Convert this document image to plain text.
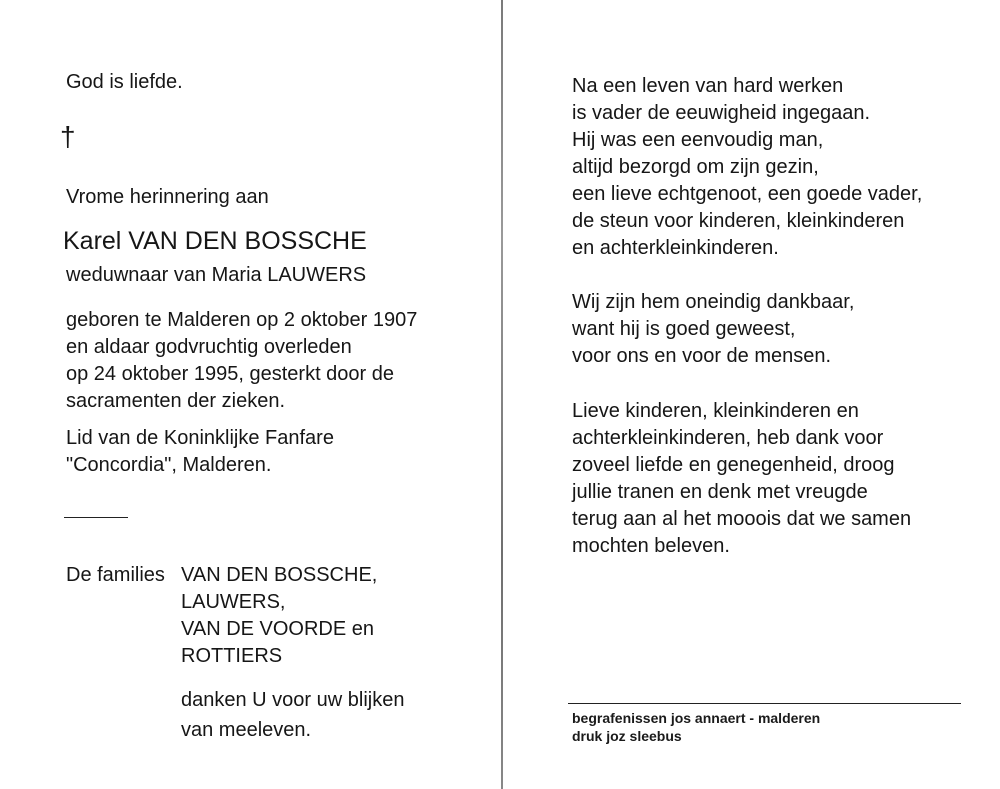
God is liefde.
†
Vrome herinnering aan
Karel VAN DEN BOSSCHE
weduwnaar van Maria LAUWERS
geboren te Malderen op 2 oktober 1907
en aldaar godvruchtig overleden
op 24 oktober 1995, gesterkt door de
sacramenten der zieken.
Lid van de Koninklijke Fanfare
"Concordia", Malderen.
De families VAN DEN BOSSCHE,
LAUWERS,
VAN DE VOORDE en
ROTTIERS
danken U voor uw blijken
van meeleven.
Na een leven van hard werken
is vader de eeuwigheid ingegaan.
Hij was een eenvoudig man,
altijd bezorgd om zijn gezin,
een lieve echtgenoot, een goede vader,
de steun voor kinderen, kleinkinderen
en achterkleinkinderen.
Wij zijn hem oneindig dankbaar,
want hij is goed geweest,
voor ons en voor de mensen.
Lieve kinderen, kleinkinderen en
achterkleinkinderen, heb dank voor
zoveel liefde en genegenheid, droog
jullie tranen en denk met vreugde
terug aan al het mooois dat we samen
mochten beleven.
begrafenissen jos annaert - malderen
druk joz sleebus
